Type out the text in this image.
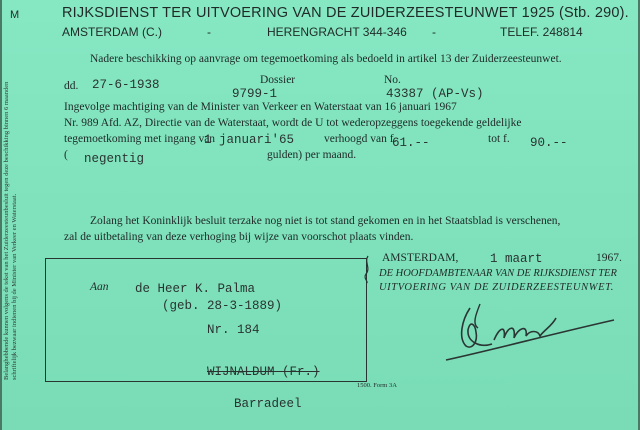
M	RIJKSDIENST TER UITVOERING VAN DE ZUIDERZEESTEUNWET 1925 (Stb. 290).
AMSTERDAM (C.)	-	HERENGRACHT 344-346 -	TELEF. 248814
Belanghebbende kunnen volgens de tekst van het Zuiderzeesteunbesluit tegen deze beschikking binnen 6 maanden schriftelijk bezwaar indienen bij de Minister van Verkeer en Waterstaat.
Nadere beschikking op aanvrage om tegemoetkoming als bedoeld in artikel 13 der Zuiderzeesteunwet.
dd. 27-6-1938	Dossier
9799-1
No.
43387 (AP-Vs)
Ingevolge machtiging van de Minister van Verkeer en Waterstaat van 16 januari 1967
Nr. 989 Afd. AZ, Directie van de Waterstaat, wordt de U tot wederopzeggens toegekende geldelijke
tegemoetkoming met ingang van
1 januari'65	verhoogd van f.
61.--	tot f. 90.--
( negentig	gulden) per maand.
Zolang het Koninklijk besluit terzake nog niet is tot stand gekomen en in het Staatsblad is verschenen,
zal de uitbetaling van deze verhoging bij wijze van voorschot plaats vinden.
AMSTERDAM,	1 maart	1967.
DE HOOFDAMBTENAAR VAN DE RIJKSDIENST TER
UITVOERING VAN DE ZUIDERZEESTEUNWET.
Aan de Heer K. Palma
(geb. 28-3-1889)
Nr. 184
WIJNALDUM (Fr.)
1500. Form 3A
Barradeel
